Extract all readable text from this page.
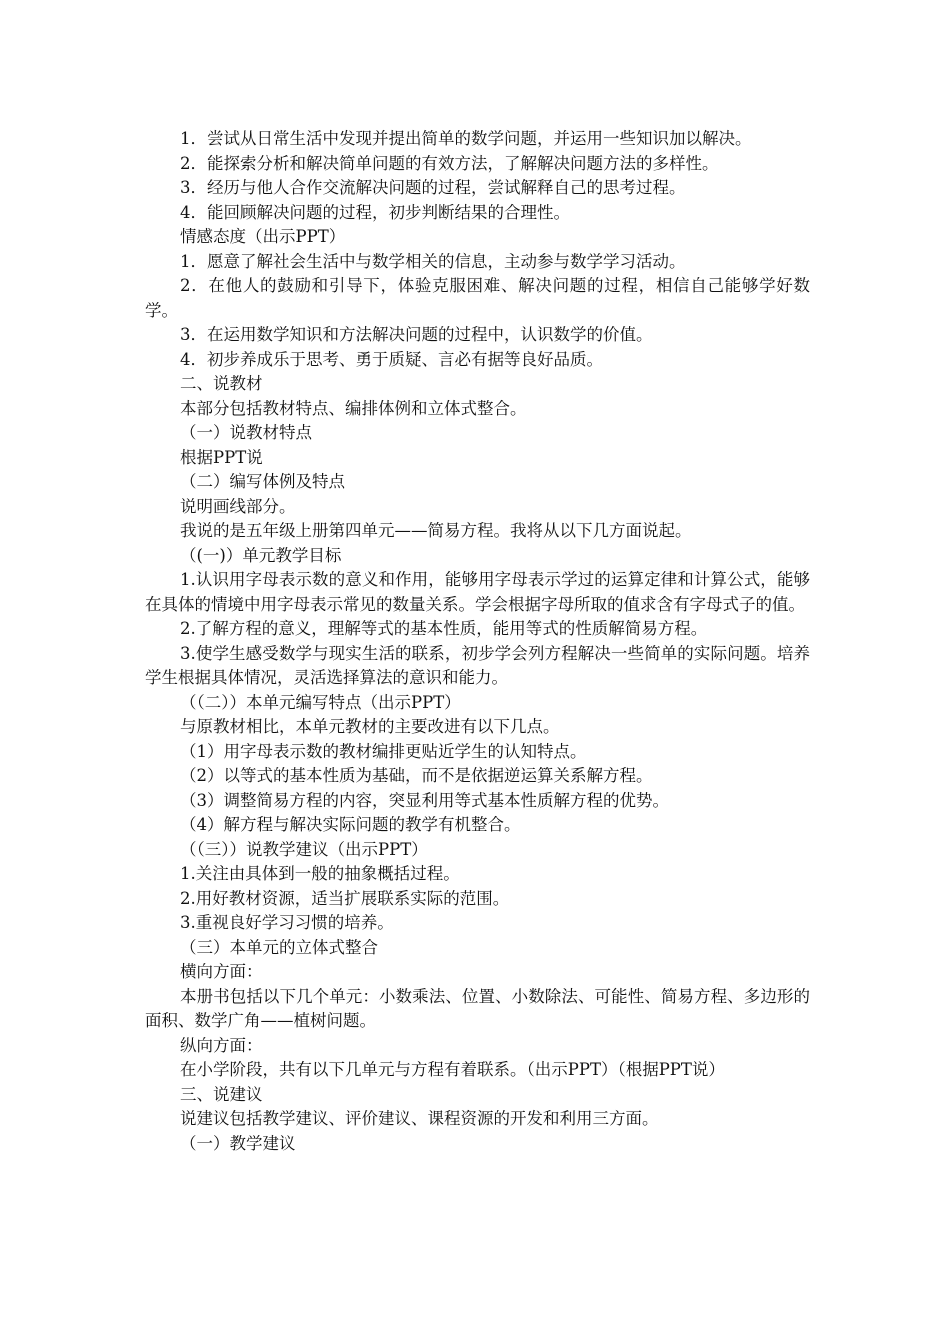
1．尝试从日常生活中发现并提出简单的数学问题，并运用一些知识加以解决。

2．能探索分析和解决简单问题的有效方法，了解解决问题方法的多样性。

3．经历与他人合作交流解决问题的过程，尝试解释自己的思考过程。

4．能回顾解决问题的过程，初步判断结果的合理性。

情感态度（出示PPT）

1．愿意了解社会生活中与数学相关的信息，主动参与数学学习活动。

2．在他人的鼓励和引导下，体验克服困难、解决问题的过程，相信自己能够学好数学。

3．在运用数学知识和方法解决问题的过程中，认识数学的价值。

4．初步养成乐于思考、勇于质疑、言必有据等良好品质。

二、说教材

本部分包括教材特点、编排体例和立体式整合。

（一）说教材特点

根据PPT说

（二）编写体例及特点

说明画线部分。

我说的是五年级上册第四单元——简易方程。我将从以下几方面说起。

（(一)）单元教学目标

1.认识用字母表示数的意义和作用，能够用字母表示学过的运算定律和计算公式，能够在具体的情境中用字母表示常见的数量关系。学会根据字母所取的值求含有字母式子的值。

2.了解方程的意义，理解等式的基本性质，能用等式的性质解简易方程。

3.使学生感受数学与现实生活的联系，初步学会列方程解决一些简单的实际问题。培养学生根据具体情况，灵活选择算法的意识和能力。

（（二））本单元编写特点（出示PPT）

与原教材相比，本单元教材的主要改进有以下几点。

（1）用字母表示数的教材编排更贴近学生的认知特点。

（2）以等式的基本性质为基础，而不是依据逆运算关系解方程。

（3）调整简易方程的内容，突显利用等式基本性质解方程的优势。

（4）解方程与解决实际问题的教学有机整合。

（（三））说教学建议（出示PPT）

1.关注由具体到一般的抽象概括过程。

2.用好教材资源，适当扩展联系实际的范围。

3.重视良好学习习惯的培养。

（三）本单元的立体式整合

横向方面：

本册书包括以下几个单元：小数乘法、位置、小数除法、可能性、简易方程、多边形的面积、数学广角——植树问题。

纵向方面：

在小学阶段，共有以下几单元与方程有着联系。（出示PPT）（根据PPT说）

三、说建议

说建议包括教学建议、评价建议、课程资源的开发和利用三方面。

（一）教学建议
